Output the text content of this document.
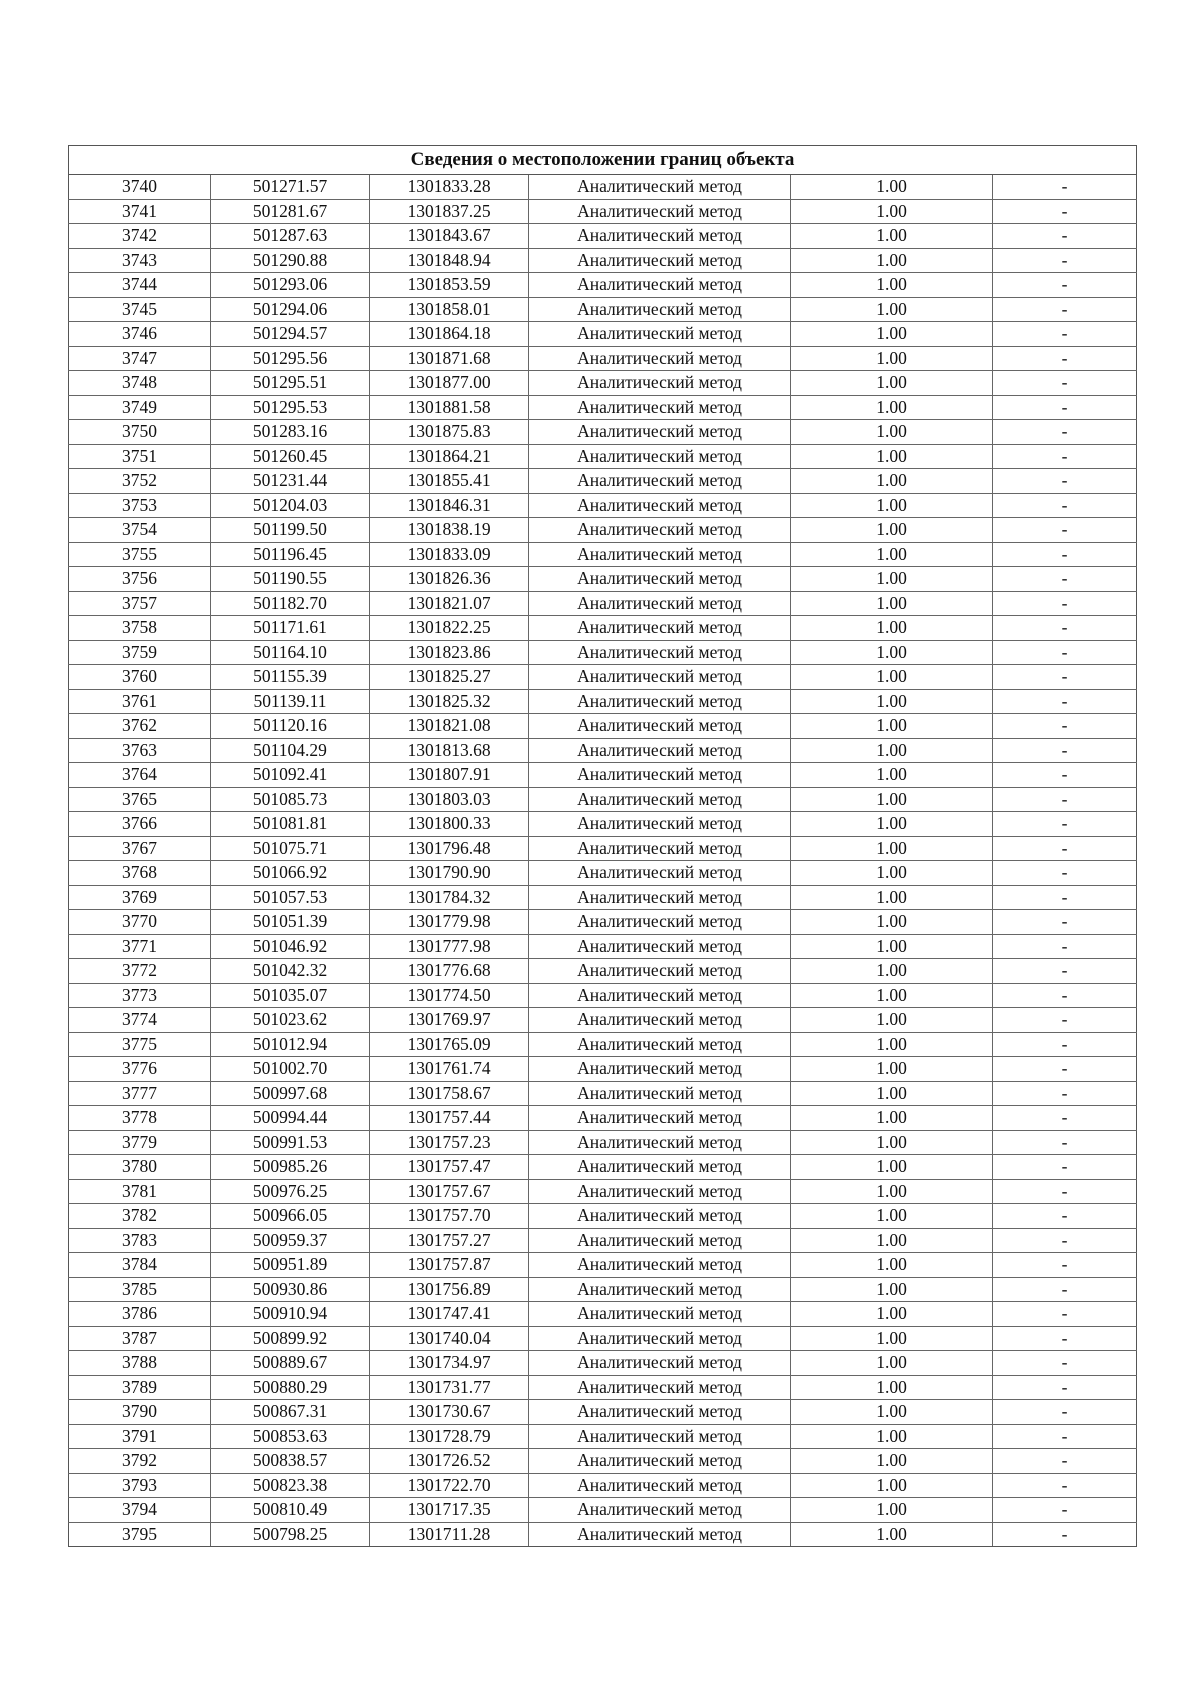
Сведения о местоположении границ объекта					
3740	501271.57	1301833.28	Аналитический метод	1.00	-
3741	501281.67	1301837.25	Аналитический метод	1.00	-
3742	501287.63	1301843.67	Аналитический метод	1.00	-
3743	501290.88	1301848.94	Аналитический метод	1.00	-
3744	501293.06	1301853.59	Аналитический метод	1.00	-
3745	501294.06	1301858.01	Аналитический метод	1.00	-
3746	501294.57	1301864.18	Аналитический метод	1.00	-
3747	501295.56	1301871.68	Аналитический метод	1.00	-
3748	501295.51	1301877.00	Аналитический метод	1.00	-
3749	501295.53	1301881.58	Аналитический метод	1.00	-
3750	501283.16	1301875.83	Аналитический метод	1.00	-
3751	501260.45	1301864.21	Аналитический метод	1.00	-
3752	501231.44	1301855.41	Аналитический метод	1.00	-
3753	501204.03	1301846.31	Аналитический метод	1.00	-
3754	501199.50	1301838.19	Аналитический метод	1.00	-
3755	501196.45	1301833.09	Аналитический метод	1.00	-
3756	501190.55	1301826.36	Аналитический метод	1.00	-
3757	501182.70	1301821.07	Аналитический метод	1.00	-
3758	501171.61	1301822.25	Аналитический метод	1.00	-
3759	501164.10	1301823.86	Аналитический метод	1.00	-
3760	501155.39	1301825.27	Аналитический метод	1.00	-
3761	501139.11	1301825.32	Аналитический метод	1.00	-
3762	501120.16	1301821.08	Аналитический метод	1.00	-
3763	501104.29	1301813.68	Аналитический метод	1.00	-
3764	501092.41	1301807.91	Аналитический метод	1.00	-
3765	501085.73	1301803.03	Аналитический метод	1.00	-
3766	501081.81	1301800.33	Аналитический метод	1.00	-
3767	501075.71	1301796.48	Аналитический метод	1.00	-
3768	501066.92	1301790.90	Аналитический метод	1.00	-
3769	501057.53	1301784.32	Аналитический метод	1.00	-
3770	501051.39	1301779.98	Аналитический метод	1.00	-
3771	501046.92	1301777.98	Аналитический метод	1.00	-
3772	501042.32	1301776.68	Аналитический метод	1.00	-
3773	501035.07	1301774.50	Аналитический метод	1.00	-
3774	501023.62	1301769.97	Аналитический метод	1.00	-
3775	501012.94	1301765.09	Аналитический метод	1.00	-
3776	501002.70	1301761.74	Аналитический метод	1.00	-
3777	500997.68	1301758.67	Аналитический метод	1.00	-
3778	500994.44	1301757.44	Аналитический метод	1.00	-
3779	500991.53	1301757.23	Аналитический метод	1.00	-
3780	500985.26	1301757.47	Аналитический метод	1.00	-
3781	500976.25	1301757.67	Аналитический метод	1.00	-
3782	500966.05	1301757.70	Аналитический метод	1.00	-
3783	500959.37	1301757.27	Аналитический метод	1.00	-
3784	500951.89	1301757.87	Аналитический метод	1.00	-
3785	500930.86	1301756.89	Аналитический метод	1.00	-
3786	500910.94	1301747.41	Аналитический метод	1.00	-
3787	500899.92	1301740.04	Аналитический метод	1.00	-
3788	500889.67	1301734.97	Аналитический метод	1.00	-
3789	500880.29	1301731.77	Аналитический метод	1.00	-
3790	500867.31	1301730.67	Аналитический метод	1.00	-
3791	500853.63	1301728.79	Аналитический метод	1.00	-
3792	500838.57	1301726.52	Аналитический метод	1.00	-
3793	500823.38	1301722.70	Аналитический метод	1.00	-
3794	500810.49	1301717.35	Аналитический метод	1.00	-
3795	500798.25	1301711.28	Аналитический метод	1.00	-
